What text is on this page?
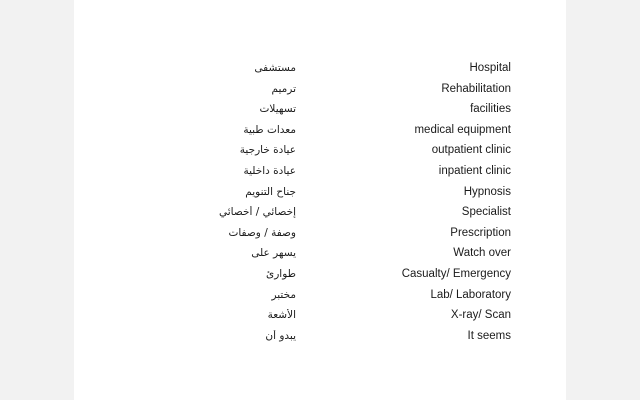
مستشفى	Hospital
ترميم	Rehabilitation
تسهيلات	facilities
معدات طبية	medical equipment
عيادة خارجية	outpatient clinic
عيادة داخلية	inpatient clinic
جناح التنويم	Hypnosis
إخصائي / أخصائي	Specialist
وصفة / وصفات	Prescription
يسهر على	Watch over
طوارئ	Casualty/ Emergency
مختبر	Lab/ Laboratory
الأشعة	X-ray/ Scan
يبدو أن	It seems
